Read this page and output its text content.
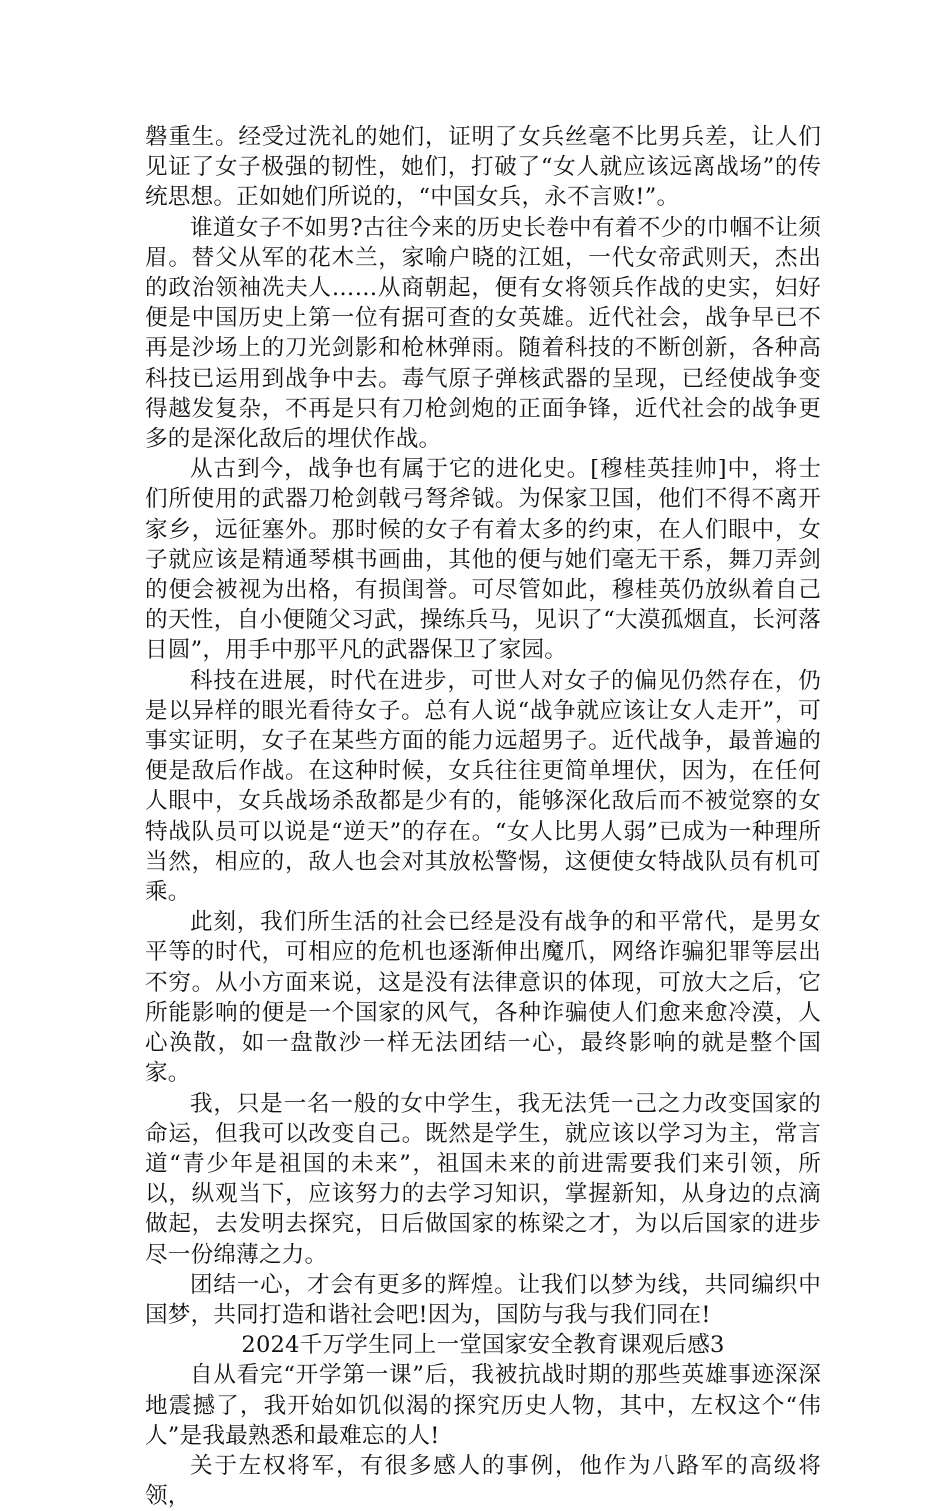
磐重生。经受过洗礼的她们，证明了女兵丝毫不比男兵差，让人们见证了女子极强的韧性，她们，打破了“女人就应该远离战场”的传统思想。正如她们所说的，“中国女兵，永不言败!”。

谁道女子不如男?古往今来的历史长卷中有着不少的巾帼不让须眉。替父从军的花木兰，家喻户晓的江姐，一代女帝武则天，杰出的政治领袖冼夫人……从商朝起，便有女将领兵作战的史实，妇好便是中国历史上第一位有据可查的女英雄。近代社会，战争早已不再是沙场上的刀光剑影和枪林弹雨。随着科技的不断创新，各种高科技已运用到战争中去。毒气原子弹核武器的呈现，已经使战争变得越发复杂，不再是只有刀枪剑炮的正面争锋，近代社会的战争更多的是深化敌后的埋伏作战。

从古到今，战争也有属于它的进化史。[穆桂英挂帅]中，将士们所使用的武器刀枪剑戟弓弩斧钺。为保家卫国，他们不得不离开家乡，远征塞外。那时候的女子有着太多的约束，在人们眼中，女子就应该是精通琴棋书画曲，其他的便与她们毫无干系，舞刀弄剑的便会被视为出格，有损闺誉。可尽管如此，穆桂英仍放纵着自己的天性，自小便随父习武，操练兵马，见识了“大漠孤烟直，长河落日圆”，用手中那平凡的武器保卫了家园。

科技在进展，时代在进步，可世人对女子的偏见仍然存在，仍是以异样的眼光看待女子。总有人说“战争就应该让女人走开”，可事实证明，女子在某些方面的能力远超男子。近代战争，最普遍的便是敌后作战。在这种时候，女兵往往更简单埋伏，因为，在任何人眼中，女兵战场杀敌都是少有的，能够深化敌后而不被觉察的女特战队员可以说是“逆天”的存在。“女人比男人弱”已成为一种理所当然，相应的，敌人也会对其放松警惕，这便使女特战队员有机可乘。

此刻，我们所生活的社会已经是没有战争的和平常代，是男女平等的时代，可相应的危机也逐渐伸出魔爪，网络诈骗犯罪等层出不穷。从小方面来说，这是没有法律意识的体现，可放大之后，它所能影响的便是一个国家的风气，各种诈骗使人们愈来愈冷漠，人心涣散，如一盘散沙一样无法团结一心，最终影响的就是整个国家。

我，只是一名一般的女中学生，我无法凭一己之力改变国家的命运，但我可以改变自己。既然是学生，就应该以学习为主，常言道“青少年是祖国的未来”，祖国未来的前进需要我们来引领，所以，纵观当下，应该努力的去学习知识，掌握新知，从身边的点滴做起，去发明去探究，日后做国家的栋梁之才，为以后国家的进步尽一份绵薄之力。

团结一心，才会有更多的辉煌。让我们以梦为线，共同编织中国梦，共同打造和谐社会吧!因为，国防与我与我们同在!

2024千万学生同上一堂国家安全教育课观后感3

自从看完“开学第一课”后，我被抗战时期的那些英雄事迹深深地震撼了，我开始如饥似渴的探究历史人物，其中，左权这个“伟人”是我最熟悉和最难忘的人!

关于左权将军，有很多感人的事例，他作为八路军的高级将领，
